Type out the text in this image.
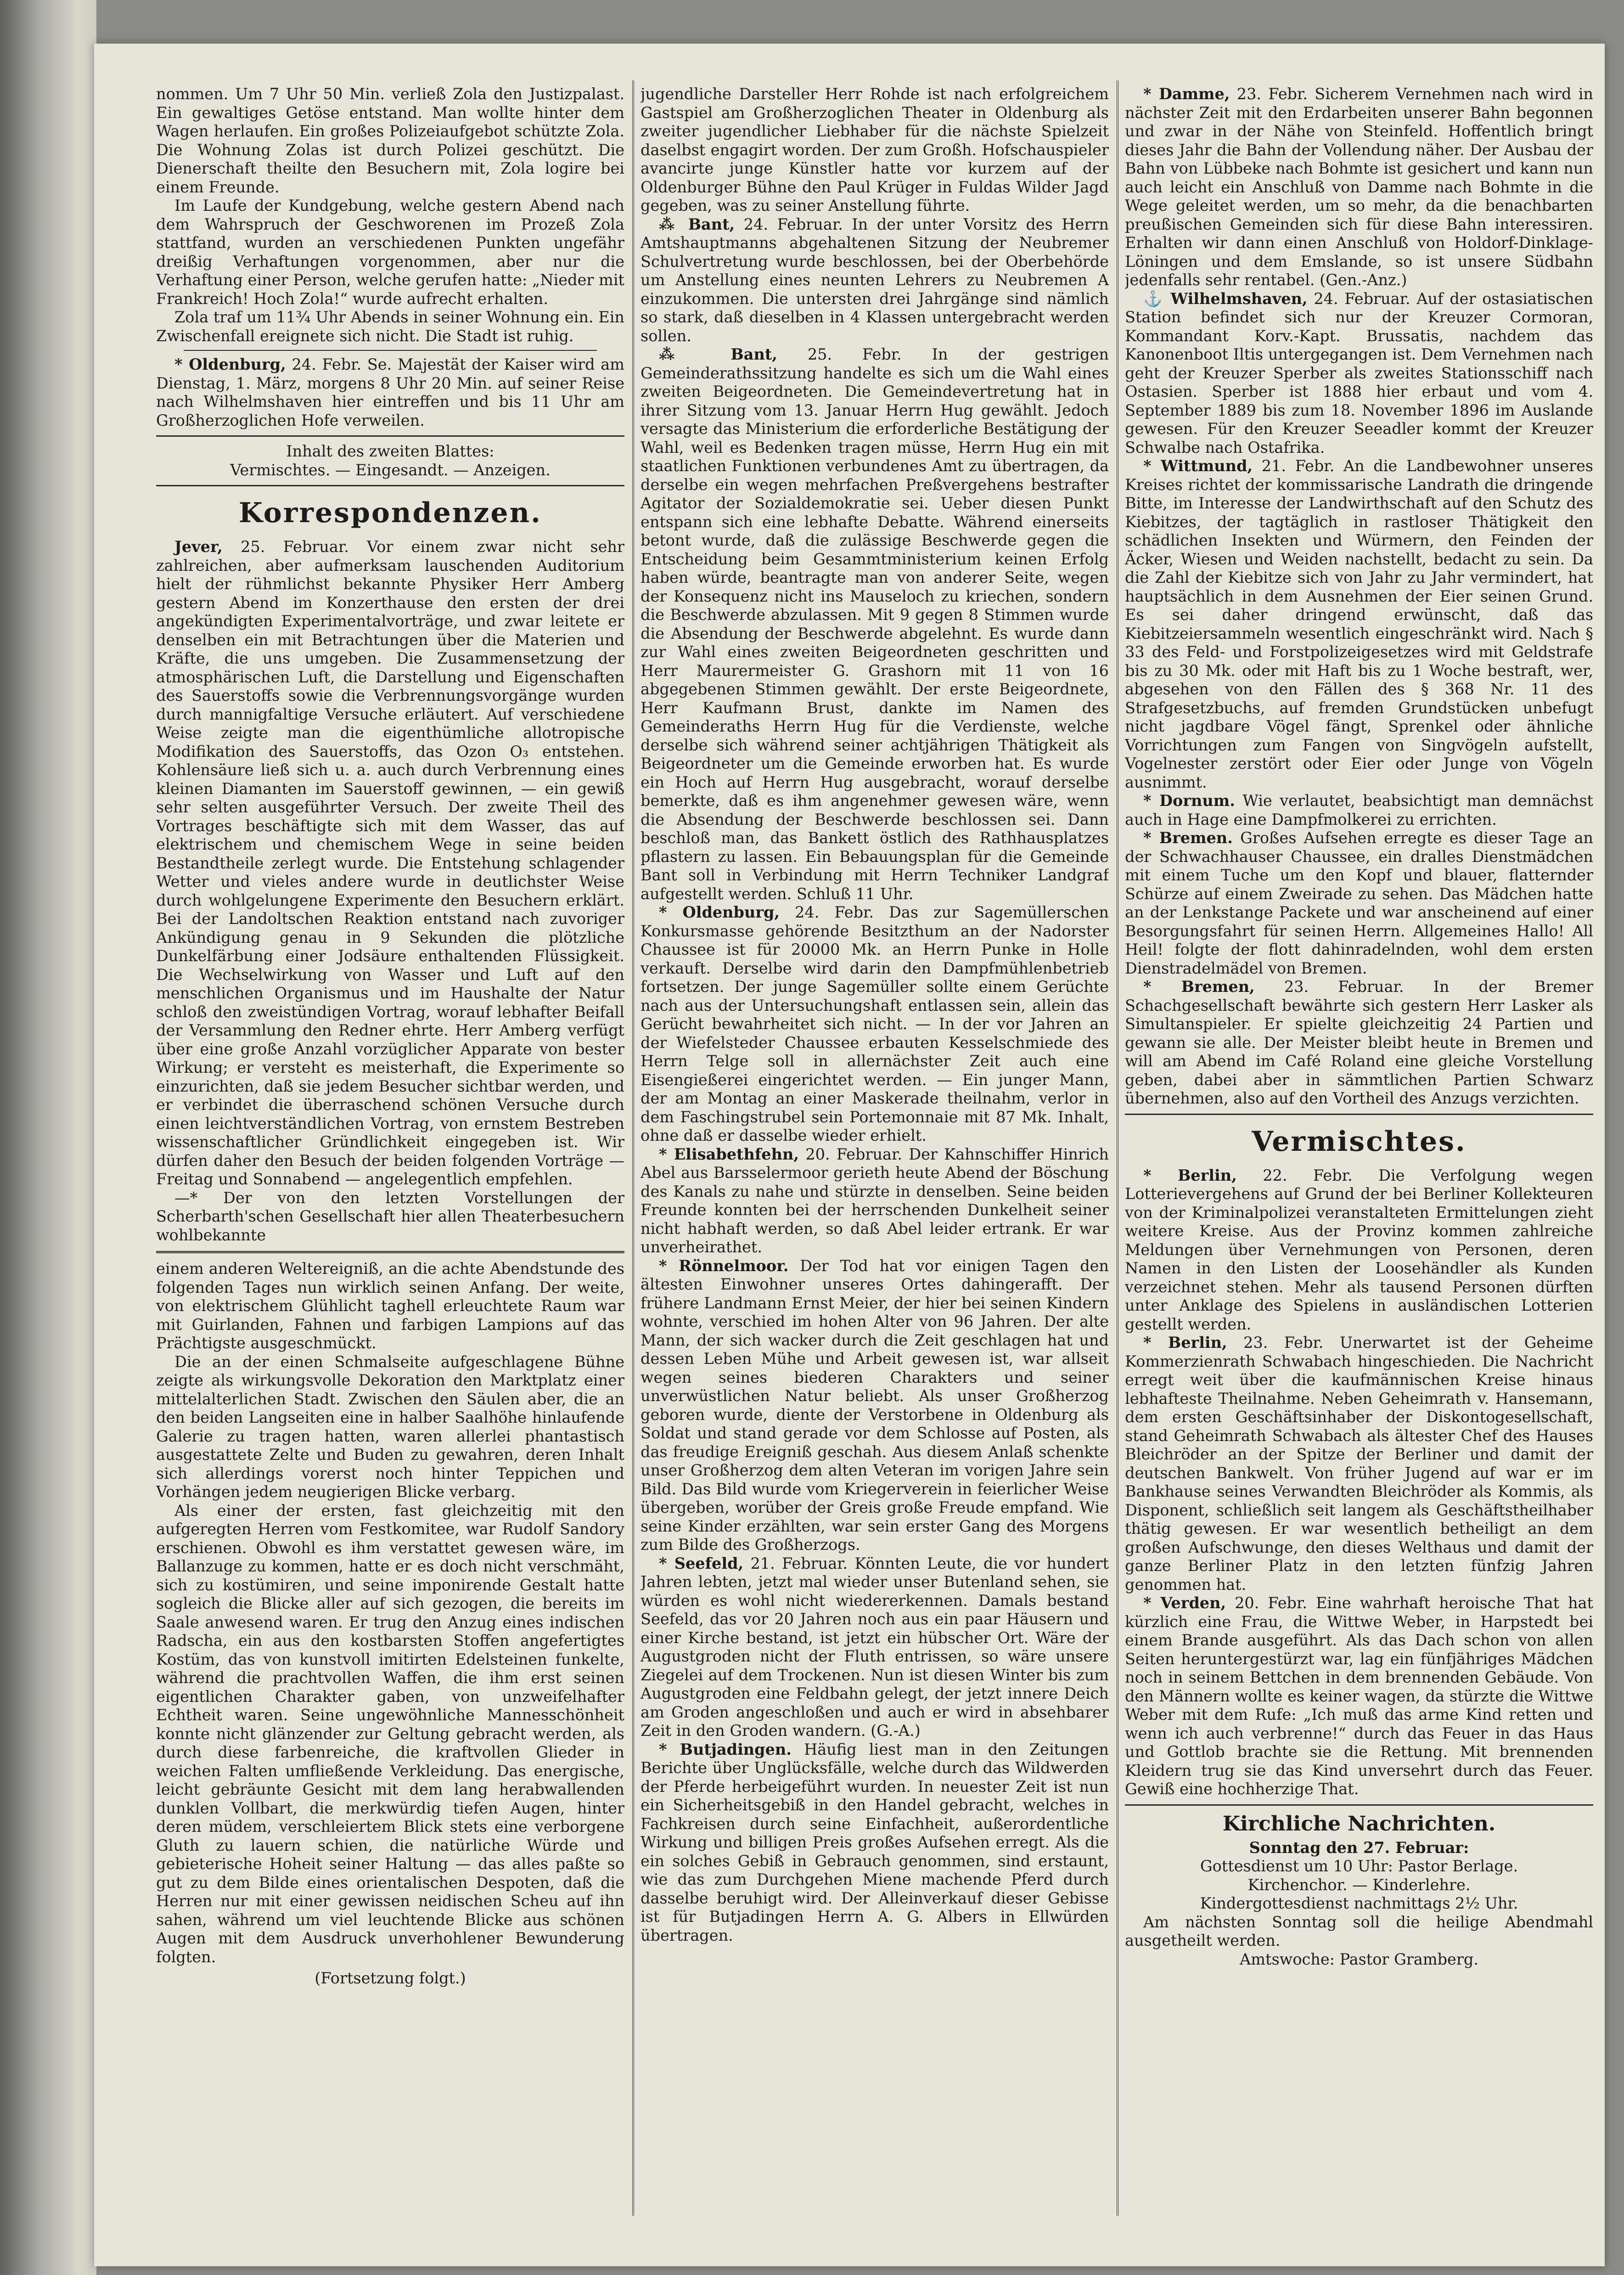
nommen. Um 7 Uhr 50 Min. verließ Zola den Justizpalast. Ein gewaltiges Getöse entstand. Man wollte hinter dem Wagen herlaufen. Ein großes Polizeiaufgebot schützte Zola. Die Wohnung Zolas ist durch Polizei geschützt. Die Dienerschaft theilte den Besuchern mit, Zola logire bei einem Freunde.

Im Laufe der Kundgebung, welche gestern Abend nach dem Wahrspruch der Geschworenen im Prozeß Zola stattfand, wurden an verschiedenen Punkten ungefähr dreißig Verhaftungen vorgenommen, aber nur die Verhaftung einer Person, welche gerufen hatte: „Nieder mit Frankreich! Hoch Zola!“ wurde aufrecht erhalten.

Zola traf um 11¾ Uhr Abends in seiner Wohnung ein. Ein Zwischenfall ereignete sich nicht. Die Stadt ist ruhig.

* Oldenburg, 24. Febr. Se. Majestät der Kaiser wird am Dienstag, 1. März, morgens 8 Uhr 20 Min. auf seiner Reise nach Wilhelmshaven hier eintreffen und bis 11 Uhr am Großherzoglichen Hofe verweilen.

Inhalt des zweiten Blattes:

Vermischtes. — Eingesandt. — Anzeigen.

Korrespondenzen.

Jever, 25. Februar. Vor einem zwar nicht sehr zahlreichen, aber aufmerksam lauschenden Auditorium hielt der rühmlichst bekannte Physiker Herr Amberg gestern Abend im Konzerthause den ersten der drei angekündigten Experimentalvorträge, und zwar leitete er denselben ein mit Betrachtungen über die Materien und Kräfte, die uns umgeben. Die Zusammensetzung der atmosphärischen Luft, die Darstellung und Eigenschaften des Sauerstoffs sowie die Verbrennungsvorgänge wurden durch mannigfaltige Versuche erläutert. Auf verschiedene Weise zeigte man die eigenthümliche allotropische Modifikation des Sauerstoffs, das Ozon O₃ entstehen. Kohlensäure ließ sich u. a. auch durch Verbrennung eines kleinen Diamanten im Sauerstoff gewinnen, — ein gewiß sehr selten ausgeführter Versuch. Der zweite Theil des Vortrages beschäftigte sich mit dem Wasser, das auf elektrischem und chemischem Wege in seine beiden Bestandtheile zerlegt wurde. Die Entstehung schlagender Wetter und vieles andere wurde in deutlichster Weise durch wohlgelungene Experimente den Besuchern erklärt. Bei der Landoltschen Reaktion entstand nach zuvoriger Ankündigung genau in 9 Sekunden die plötzliche Dunkelfärbung einer Jodsäure enthaltenden Flüssigkeit. Die Wechselwirkung von Wasser und Luft auf den menschlichen Organismus und im Haushalte der Natur schloß den zweistündigen Vortrag, worauf lebhafter Beifall der Versammlung den Redner ehrte. Herr Amberg verfügt über eine große Anzahl vorzüglicher Apparate von bester Wirkung; er versteht es meisterhaft, die Experimente so einzurichten, daß sie jedem Besucher sichtbar werden, und er verbindet die überraschend schönen Versuche durch einen leichtverständlichen Vortrag, von ernstem Bestreben wissenschaftlicher Gründlichkeit eingegeben ist. Wir dürfen daher den Besuch der beiden folgenden Vorträge — Freitag und Sonnabend — angelegentlich empfehlen.

—* Der von den letzten Vorstellungen der Scherbarth'schen Gesellschaft hier allen Theaterbesuchern wohlbekannte

einem anderen Weltereigniß, an die achte Abendstunde des folgenden Tages nun wirklich seinen Anfang. Der weite, von elektrischem Glühlicht taghell erleuchtete Raum war mit Guirlanden, Fahnen und farbigen Lampions auf das Prächtigste ausgeschmückt.

Die an der einen Schmalseite aufgeschlagene Bühne zeigte als wirkungsvolle Dekoration den Marktplatz einer mittelalterlichen Stadt. Zwischen den Säulen aber, die an den beiden Langseiten eine in halber Saalhöhe hinlaufende Galerie zu tragen hatten, waren allerlei phantastisch ausgestattete Zelte und Buden zu gewahren, deren Inhalt sich allerdings vorerst noch hinter Teppichen und Vorhängen jedem neugierigen Blicke verbarg.

Als einer der ersten, fast gleichzeitig mit den aufgeregten Herren vom Festkomitee, war Rudolf Sandory erschienen. Obwohl es ihm verstattet gewesen wäre, im Ballanzuge zu kommen, hatte er es doch nicht verschmäht, sich zu kostümiren, und seine imponirende Gestalt hatte sogleich die Blicke aller auf sich gezogen, die bereits im Saale anwesend waren. Er trug den Anzug eines indischen Radscha, ein aus den kostbarsten Stoffen angefertigtes Kostüm, das von kunstvoll imitirten Edelsteinen funkelte, während die prachtvollen Waffen, die ihm erst seinen eigentlichen Charakter gaben, von unzweifelhafter Echtheit waren. Seine ungewöhnliche Mannesschönheit konnte nicht glänzender zur Geltung gebracht werden, als durch diese farbenreiche, die kraftvollen Glieder in weichen Falten umfließende Verkleidung. Das energische, leicht gebräunte Gesicht mit dem lang herabwallenden dunklen Vollbart, die merkwürdig tiefen Augen, hinter deren müdem, verschleiertem Blick stets eine verborgene Gluth zu lauern schien, die natürliche Würde und gebieterische Hoheit seiner Haltung — das alles paßte so gut zu dem Bilde eines orientalischen Despoten, daß die Herren nur mit einer gewissen neidischen Scheu auf ihn sahen, während um viel leuchtende Blicke aus schönen Augen mit dem Ausdruck unverhohlener Bewunderung folgten.

(Fortsetzung folgt.)

jugendliche Darsteller Herr Rohde ist nach erfolgreichem Gastspiel am Großherzoglichen Theater in Oldenburg als zweiter jugendlicher Liebhaber für die nächste Spielzeit daselbst engagirt worden. Der zum Großh. Hofschauspieler avancirte junge Künstler hatte vor kurzem auf der Oldenburger Bühne den Paul Krüger in Fuldas Wilder Jagd gegeben, was zu seiner Anstellung führte.

⁂ Bant, 24. Februar. In der unter Vorsitz des Herrn Amtshauptmanns abgehaltenen Sitzung der Neubremer Schulvertretung wurde beschlossen, bei der Oberbehörde um Anstellung eines neunten Lehrers zu Neubremen A einzukommen. Die untersten drei Jahrgänge sind nämlich so stark, daß dieselben in 4 Klassen untergebracht werden sollen.

⁂ Bant, 25. Febr. In der gestrigen Gemeinderathssitzung handelte es sich um die Wahl eines zweiten Beigeordneten. Die Gemeindevertretung hat in ihrer Sitzung vom 13. Januar Herrn Hug gewählt. Jedoch versagte das Ministerium die erforderliche Bestätigung der Wahl, weil es Bedenken tragen müsse, Herrn Hug ein mit staatlichen Funktionen verbundenes Amt zu übertragen, da derselbe ein wegen mehrfachen Preßvergehens bestrafter Agitator der Sozialdemokratie sei. Ueber diesen Punkt entspann sich eine lebhafte Debatte. Während einerseits betont wurde, daß die zulässige Beschwerde gegen die Entscheidung beim Gesammtministerium keinen Erfolg haben würde, beantragte man von anderer Seite, wegen der Konsequenz nicht ins Mauseloch zu kriechen, sondern die Beschwerde abzulassen. Mit 9 gegen 8 Stimmen wurde die Absendung der Beschwerde abgelehnt. Es wurde dann zur Wahl eines zweiten Beigeordneten geschritten und Herr Maurermeister G. Grashorn mit 11 von 16 abgegebenen Stimmen gewählt. Der erste Beigeordnete, Herr Kaufmann Brust, dankte im Namen des Gemeinderaths Herrn Hug für die Verdienste, welche derselbe sich während seiner achtjährigen Thätigkeit als Beigeordneter um die Gemeinde erworben hat. Es wurde ein Hoch auf Herrn Hug ausgebracht, worauf derselbe bemerkte, daß es ihm angenehmer gewesen wäre, wenn die Absendung der Beschwerde beschlossen sei. Dann beschloß man, das Bankett östlich des Rathhausplatzes pflastern zu lassen. Ein Bebauungsplan für die Gemeinde Bant soll in Verbindung mit Herrn Techniker Landgraf aufgestellt werden. Schluß 11 Uhr.

* Oldenburg, 24. Febr. Das zur Sagemüllerschen Konkursmasse gehörende Besitzthum an der Nadorster Chaussee ist für 20000 Mk. an Herrn Punke in Holle verkauft. Derselbe wird darin den Dampfmühlenbetrieb fortsetzen. Der junge Sagemüller sollte einem Gerüchte nach aus der Untersuchungshaft entlassen sein, allein das Gerücht bewahrheitet sich nicht. — In der vor Jahren an der Wiefelsteder Chaussee erbauten Kesselschmiede des Herrn Telge soll in allernächster Zeit auch eine Eisengießerei eingerichtet werden. — Ein junger Mann, der am Montag an einer Maskerade theilnahm, verlor in dem Faschingstrubel sein Portemonnaie mit 87 Mk. Inhalt, ohne daß er dasselbe wieder erhielt.

* Elisabethfehn, 20. Februar. Der Kahnschiffer Hinrich Abel aus Barsselermoor gerieth heute Abend der Böschung des Kanals zu nahe und stürzte in denselben. Seine beiden Freunde konnten bei der herrschenden Dunkelheit seiner nicht habhaft werden, so daß Abel leider ertrank. Er war unverheirathet.

* Rönnelmoor. Der Tod hat vor einigen Tagen den ältesten Einwohner unseres Ortes dahingerafft. Der frühere Landmann Ernst Meier, der hier bei seinen Kindern wohnte, verschied im hohen Alter von 96 Jahren. Der alte Mann, der sich wacker durch die Zeit geschlagen hat und dessen Leben Mühe und Arbeit gewesen ist, war allseit wegen seines biederen Charakters und seiner unverwüstlichen Natur beliebt. Als unser Großherzog geboren wurde, diente der Verstorbene in Oldenburg als Soldat und stand gerade vor dem Schlosse auf Posten, als das freudige Ereigniß geschah. Aus diesem Anlaß schenkte unser Großherzog dem alten Veteran im vorigen Jahre sein Bild. Das Bild wurde vom Kriegerverein in feierlicher Weise übergeben, worüber der Greis große Freude empfand. Wie seine Kinder erzählten, war sein erster Gang des Morgens zum Bilde des Großherzogs.

* Seefeld, 21. Februar. Könnten Leute, die vor hundert Jahren lebten, jetzt mal wieder unser Butenland sehen, sie würden es wohl nicht wiedererkennen. Damals bestand Seefeld, das vor 20 Jahren noch aus ein paar Häusern und einer Kirche bestand, ist jetzt ein hübscher Ort. Wäre der Augustgroden nicht der Fluth entrissen, so wäre unsere Ziegelei auf dem Trockenen. Nun ist diesen Winter bis zum Augustgroden eine Feldbahn gelegt, der jetzt innere Deich am Groden angeschloßen und auch er wird in absehbarer Zeit in den Groden wandern. (G.-A.)

* Butjadingen. Häufig liest man in den Zeitungen Berichte über Unglücksfälle, welche durch das Wildwerden der Pferde herbeigeführt wurden. In neuester Zeit ist nun ein Sicherheitsgebiß in den Handel gebracht, welches in Fachkreisen durch seine Einfachheit, außerordentliche Wirkung und billigen Preis großes Aufsehen erregt. Als die ein solches Gebiß in Gebrauch genommen, sind erstaunt, wie das zum Durchgehen Miene machende Pferd durch dasselbe beruhigt wird. Der Alleinverkauf dieser Gebisse ist für Butjadingen Herrn A. G. Albers in Ellwürden übertragen.

* Damme, 23. Febr. Sicherem Vernehmen nach wird in nächster Zeit mit den Erdarbeiten unserer Bahn begonnen und zwar in der Nähe von Steinfeld. Hoffentlich bringt dieses Jahr die Bahn der Vollendung näher. Der Ausbau der Bahn von Lübbeke nach Bohmte ist gesichert und kann nun auch leicht ein Anschluß von Damme nach Bohmte in die Wege geleitet werden, um so mehr, da die benachbarten preußischen Gemeinden sich für diese Bahn interessiren. Erhalten wir dann einen Anschluß von Holdorf-Dinklage-Löningen und dem Emslande, so ist unsere Südbahn jedenfalls sehr rentabel. (Gen.-Anz.)

⚓ Wilhelmshaven, 24. Februar. Auf der ostasiatischen Station befindet sich nur der Kreuzer Cormoran, Kommandant Korv.-Kapt. Brussatis, nachdem das Kanonenboot Iltis untergegangen ist. Dem Vernehmen nach geht der Kreuzer Sperber als zweites Stationsschiff nach Ostasien. Sperber ist 1888 hier erbaut und vom 4. September 1889 bis zum 18. November 1896 im Auslande gewesen. Für den Kreuzer Seeadler kommt der Kreuzer Schwalbe nach Ostafrika.

* Wittmund, 21. Febr. An die Landbewohner unseres Kreises richtet der kommissarische Landrath die dringende Bitte, im Interesse der Landwirthschaft auf den Schutz des Kiebitzes, der tagtäglich in rastloser Thätigkeit den schädlichen Insekten und Würmern, den Feinden der Äcker, Wiesen und Weiden nachstellt, bedacht zu sein. Da die Zahl der Kiebitze sich von Jahr zu Jahr vermindert, hat hauptsächlich in dem Ausnehmen der Eier seinen Grund. Es sei daher dringend erwünscht, daß das Kiebitzeiersammeln wesentlich eingeschränkt wird. Nach § 33 des Feld- und Forstpolizeigesetzes wird mit Geldstrafe bis zu 30 Mk. oder mit Haft bis zu 1 Woche bestraft, wer, abgesehen von den Fällen des § 368 Nr. 11 des Strafgesetzbuchs, auf fremden Grundstücken unbefugt nicht jagdbare Vögel fängt, Sprenkel oder ähnliche Vorrichtungen zum Fangen von Singvögeln aufstellt, Vogelnester zerstört oder Eier oder Junge von Vögeln ausnimmt.

* Dornum. Wie verlautet, beabsichtigt man demnächst auch in Hage eine Dampfmolkerei zu errichten.

* Bremen. Großes Aufsehen erregte es dieser Tage an der Schwachhauser Chaussee, ein dralles Dienstmädchen mit einem Tuche um den Kopf und blauer, flatternder Schürze auf einem Zweirade zu sehen. Das Mädchen hatte an der Lenkstange Packete und war anscheinend auf einer Besorgungsfahrt für seinen Herrn. Allgemeines Hallo! All Heil! folgte der flott dahinradelnden, wohl dem ersten Dienstradelmädel von Bremen.

* Bremen, 23. Februar. In der Bremer Schachgesellschaft bewährte sich gestern Herr Lasker als Simultanspieler. Er spielte gleichzeitig 24 Partien und gewann sie alle. Der Meister bleibt heute in Bremen und will am Abend im Café Roland eine gleiche Vorstellung geben, dabei aber in sämmtlichen Partien Schwarz übernehmen, also auf den Vortheil des Anzugs verzichten.

Vermischtes.

* Berlin, 22. Febr. Die Verfolgung wegen Lotterievergehens auf Grund der bei Berliner Kollekteuren von der Kriminalpolizei veranstalteten Ermittelungen zieht weitere Kreise. Aus der Provinz kommen zahlreiche Meldungen über Vernehmungen von Personen, deren Namen in den Listen der Loosehändler als Kunden verzeichnet stehen. Mehr als tausend Personen dürften unter Anklage des Spielens in ausländischen Lotterien gestellt werden.

* Berlin, 23. Febr. Unerwartet ist der Geheime Kommerzienrath Schwabach hingeschieden. Die Nachricht erregt weit über die kaufmännischen Kreise hinaus lebhafteste Theilnahme. Neben Geheimrath v. Hansemann, dem ersten Geschäftsinhaber der Diskontogesellschaft, stand Geheimrath Schwabach als ältester Chef des Hauses Bleichröder an der Spitze der Berliner und damit der deutschen Bankwelt. Von früher Jugend auf war er im Bankhause seines Verwandten Bleichröder als Kommis, als Disponent, schließlich seit langem als Geschäftstheilhaber thätig gewesen. Er war wesentlich betheiligt an dem großen Aufschwunge, den dieses Welthaus und damit der ganze Berliner Platz in den letzten fünfzig Jahren genommen hat.

* Verden, 20. Febr. Eine wahrhaft heroische That hat kürzlich eine Frau, die Wittwe Weber, in Harpstedt bei einem Brande ausgeführt. Als das Dach schon von allen Seiten heruntergestürzt war, lag ein fünfjähriges Mädchen noch in seinem Bettchen in dem brennenden Gebäude. Von den Männern wollte es keiner wagen, da stürzte die Wittwe Weber mit dem Rufe: „Ich muß das arme Kind retten und wenn ich auch verbrenne!“ durch das Feuer in das Haus und Gottlob brachte sie die Rettung. Mit brennenden Kleidern trug sie das Kind unversehrt durch das Feuer. Gewiß eine hochherzige That.

Kirchliche Nachrichten.

Sonntag den 27. Februar:

Gottesdienst um 10 Uhr: Pastor Berlage.

Kirchenchor. — Kinderlehre.

Kindergottesdienst nachmittags 2½ Uhr.

Am nächsten Sonntag soll die heilige Abendmahl ausgetheilt werden.

Amtswoche: Pastor Gramberg.
